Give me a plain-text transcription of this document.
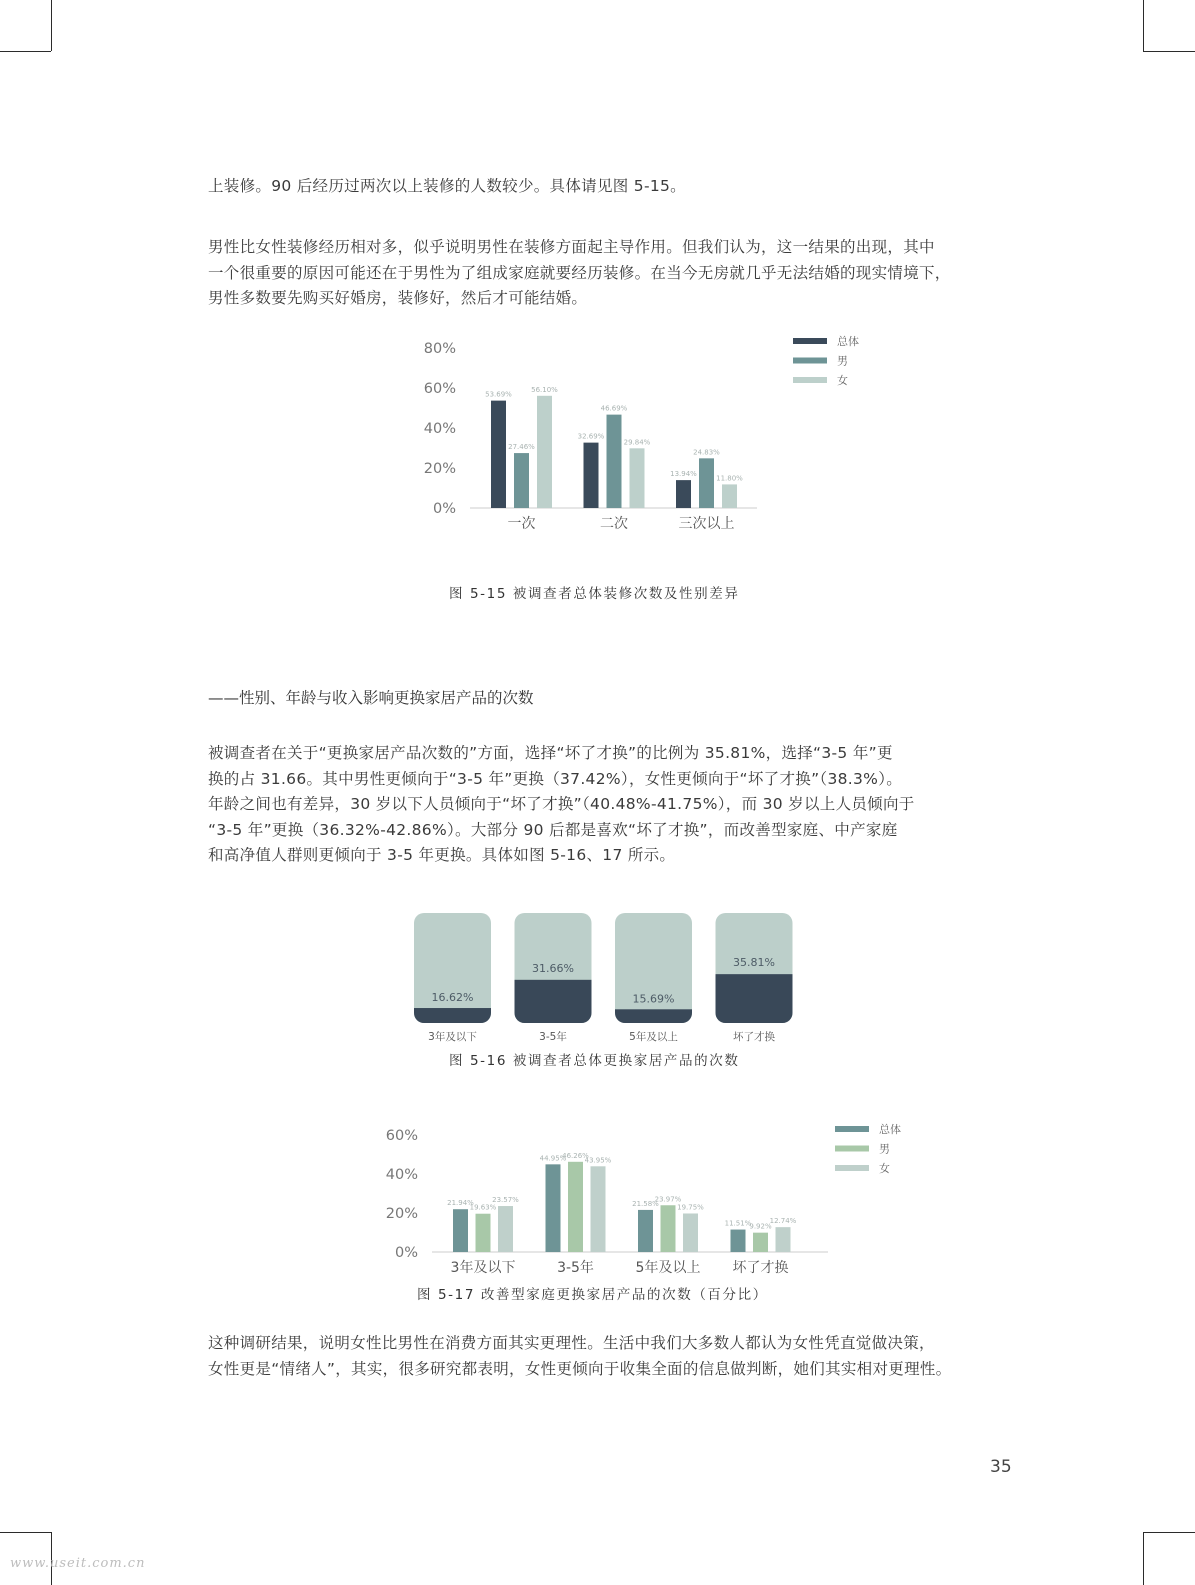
上装修。90 后经历过两次以上装修的人数较少。具体请见图 5-15。

男性比女性装修经历相对多，似乎说明男性在装修方面起主导作用。但我们认为，这一结果的出现，其中
一个很重要的原因可能还在于男性为了组成家庭就要经历装修。在当今无房就几乎无法结婚的现实情境下，
男性多数要先购买好婚房，装修好，然后才可能结婚。

0%
20%
40%
60%
80%
53.69%
27.46%
56.10%
一次
32.69%
46.69%
29.84%
二次
13.94%
24.83%
11.80%
三次以上
总体
男
女
图 5-15 被调查者总体装修次数及性别差异
——性别、年龄与收入影响更换家居产品的次数

被调查者在关于“更换家居产品次数的”方面，选择“坏了才换”的比例为 35.81%，选择“3-5 年”更
换的占 31.66。其中男性更倾向于“3-5 年”更换（37.42%），女性更倾向于“坏了才换”（38.3%）。
年龄之间也有差异，30 岁以下人员倾向于“坏了才换”（40.48%-41.75%），而 30 岁以上人员倾向于
“3-5 年”更换（36.32%-42.86%）。大部分 90 后都是喜欢“坏了才换”，而改善型家庭、中产家庭
和高净值人群则更倾向于 3-5 年更换。具体如图 5-16、17 所示。

16.62%
3年及以下
31.66%
3-5年
15.69%
5年及以上
35.81%
坏了才换
图 5-16 被调查者总体更换家居产品的次数
0%
20%
40%
60%
21.94%
19.63%
23.57%
3年及以下
44.95%
46.26%
43.95%
3-5年
21.58%
23.97%
19.75%
5年及以上
11.51%
9.92%
12.74%
坏了才换
总体
男
女
图 5-17 改善型家庭更换家居产品的次数（百分比）

这种调研结果，说明女性比男性在消费方面其实更理性。生活中我们大多数人都认为女性凭直觉做决策，
女性更是“情绪人”，其实，很多研究都表明，女性更倾向于收集全面的信息做判断，她们其实相对更理性。

35
www.useit.com.cn
